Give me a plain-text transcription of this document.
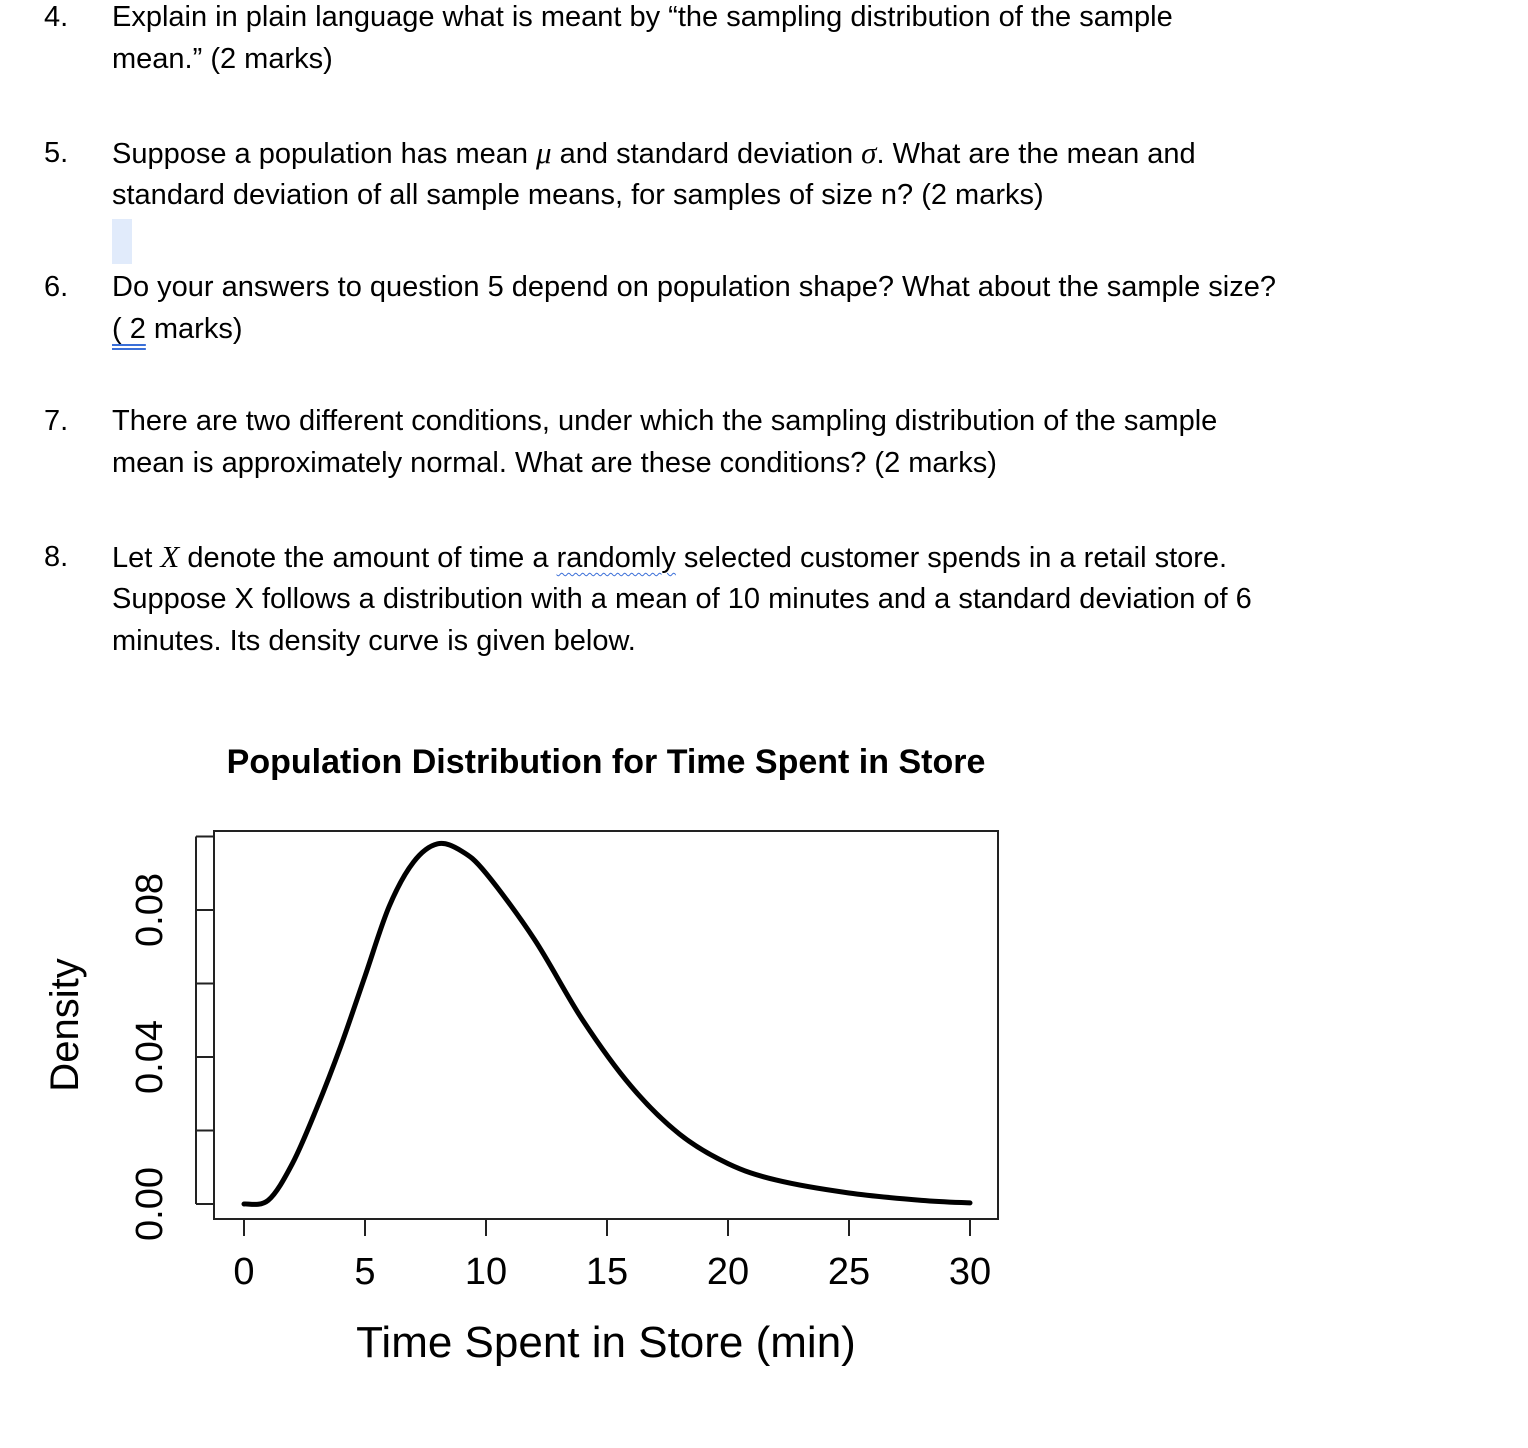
4. Explain in plain language what is meant by “the sampling distribution of the sample
mean.” (2 marks)
5. Suppose a population has mean μ and standard deviation σ. What are the mean and
standard deviation of all sample means, for samples of size n? (2 marks)
6. Do your answers to question 5 depend on population shape? What about the sample size?
( 2 marks)
7. There are two different conditions, under which the sampling distribution of the sample
mean is approximately normal. What are these conditions? (2 marks)
8. Let X denote the amount of time a randomly selected customer spends in a retail store.
Suppose X follows a distribution with a mean of 10 minutes and a standard deviation of 6
minutes. Its density curve is given below.
Population Distribution for Time Spent in Store
0.00
0.04
0.08
0	5 10 15 20 25 30
Density
Time Spent in Store (min)
